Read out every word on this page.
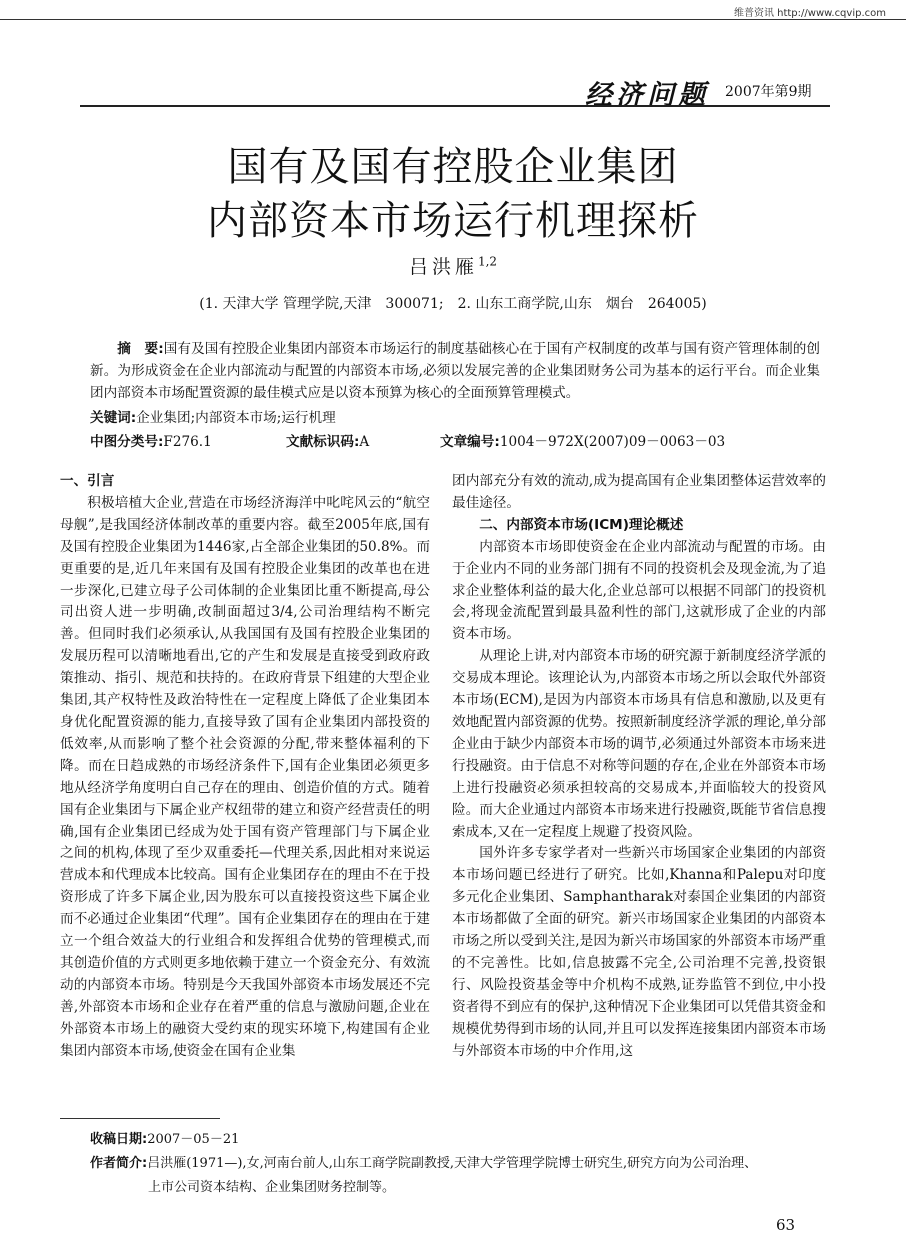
维普资讯 http://www.cqvip.com
经济问题 2007年第9期
国有及国有控股企业集团
内部资本市场运行机理探析
吕洪雁$^{1,2}$
(1. 天津大学 管理学院,天津　300071;　2. 山东工商学院,山东　烟台　264005)
摘　要:国有及国有控股企业集团内部资本市场运行的制度基础核心在于国有产权制度的改革与国有资产管理体制的创新。为形成资金在企业内部流动与配置的内部资本市场,必须以发展完善的企业集团财务公司为基本的运行平台。而企业集团内部资本市场配置资源的最佳模式应是以资本预算为核心的全面预算管理模式。
关键词:企业集团;内部资本市场;运行机理
中图分类号:F276.1	文献标识码:A	文章编号:1004－972X(2007)09－0063－03
一、引言

积极培植大企业,营造在市场经济海洋中叱咤风云的“航空母舰”,是我国经济体制改革的重要内容。截至2005年底,国有及国有控股企业集团为1446家,占全部企业集团的50.8%。而更重要的是,近几年来国有及国有控股企业集团的改革也在进一步深化,已建立母子公司体制的企业集团比重不断提高,母公司出资人进一步明确,改制面超过3/4,公司治理结构不断完善。但同时我们必须承认,从我国国有及国有控股企业集团的发展历程可以清晰地看出,它的产生和发展是直接受到政府政策推动、指引、规范和扶持的。在政府背景下组建的大型企业集团,其产权特性及政治特性在一定程度上降低了企业集团本身优化配置资源的能力,直接导致了国有企业集团内部投资的低效率,从而影响了整个社会资源的分配,带来整体福利的下降。而在日趋成熟的市场经济条件下,国有企业集团必须更多地从经济学角度明白自己存在的理由、创造价值的方式。随着国有企业集团与下属企业产权纽带的建立和资产经营责任的明确,国有企业集团已经成为处于国有资产管理部门与下属企业之间的机构,体现了至少双重委托—代理关系,因此相对来说运营成本和代理成本比较高。国有企业集团存在的理由不在于投资形成了许多下属企业,因为股东可以直接投资这些下属企业而不必通过企业集团“代理”。国有企业集团存在的理由在于建立一个组合效益大的行业组合和发挥组合优势的管理模式,而其创造价值的方式则更多地依赖于建立一个资金充分、有效流动的内部资本市场。特别是今天我国外部资本市场发展还不完善,外部资本市场和企业存在着严重的信息与激励问题,企业在外部资本市场上的融资大受约束的现实环境下,构建国有企业集团内部资本市场,使资金在国有企业集

团内部充分有效的流动,成为提高国有企业集团整体运营效率的最佳途径。

二、内部资本市场(ICM)理论概述

内部资本市场即使资金在企业内部流动与配置的市场。由于企业内不同的业务部门拥有不同的投资机会及现金流,为了追求企业整体利益的最大化,企业总部可以根据不同部门的投资机会,将现金流配置到最具盈利性的部门,这就形成了企业的内部资本市场。

从理论上讲,对内部资本市场的研究源于新制度经济学派的交易成本理论。该理论认为,内部资本市场之所以会取代外部资本市场(ECM),是因为内部资本市场具有信息和激励,以及更有效地配置内部资源的优势。按照新制度经济学派的理论,单分部企业由于缺少内部资本市场的调节,必须通过外部资本市场来进行投融资。由于信息不对称等问题的存在,企业在外部资本市场上进行投融资必须承担较高的交易成本,并面临较大的投资风险。而大企业通过内部资本市场来进行投融资,既能节省信息搜索成本,又在一定程度上规避了投资风险。

国外许多专家学者对一些新兴市场国家企业集团的内部资本市场问题已经进行了研究。比如,Khanna和Palepu对印度多元化企业集团、Samphantharak对泰国企业集团的内部资本市场都做了全面的研究。新兴市场国家企业集团的内部资本市场之所以受到关注,是因为新兴市场国家的外部资本市场严重的不完善性。比如,信息披露不完全,公司治理不完善,投资银行、风险投资基金等中介机构不成熟,证券监管不到位,中小投资者得不到应有的保护,这种情况下企业集团可以凭借其资金和规模优势得到市场的认同,并且可以发挥连接集团内部资本市场与外部资本市场的中介作用,这

收稿日期:2007－05－21
作者简介:吕洪雁(1971—),女,河南台前人,山东工商学院副教授,天津大学管理学院博士研究生,研究方向为公司治理、
上市公司资本结构、企业集团财务控制等。
63
